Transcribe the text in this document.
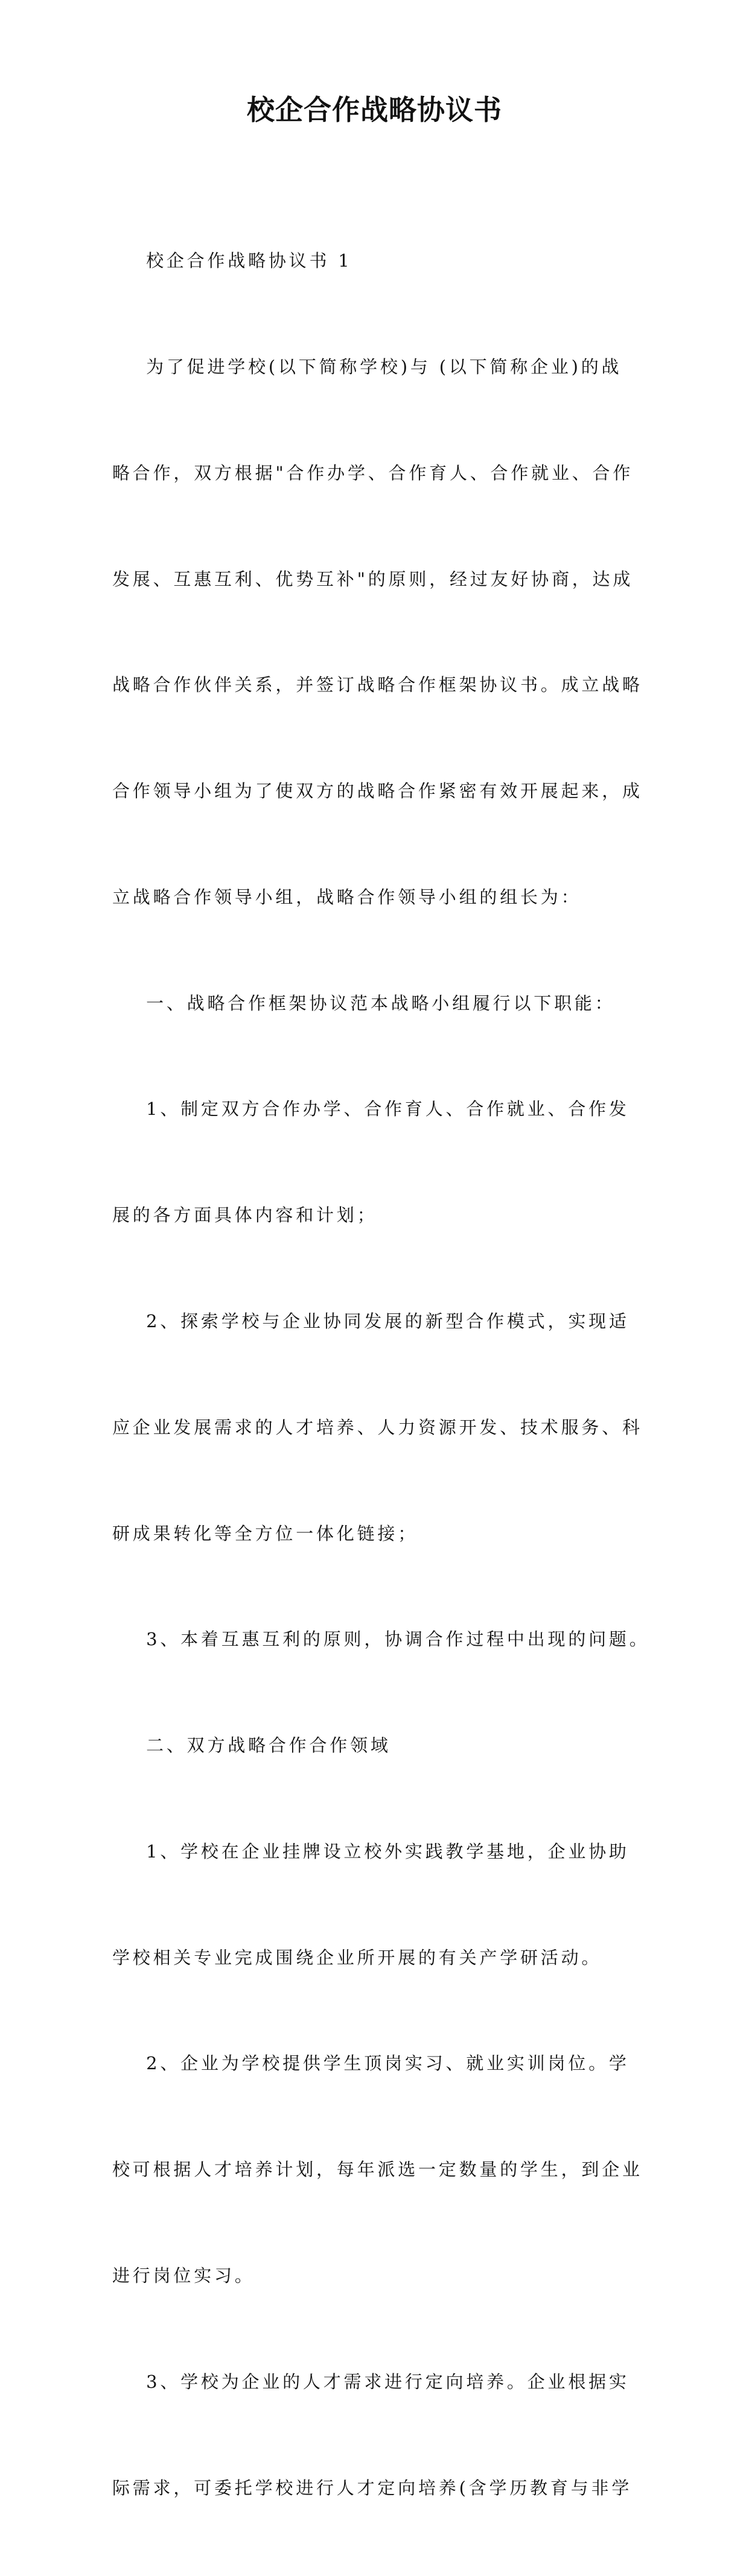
校企合作战略协议书

校企合作战略协议书 1

为了促进学校(以下简称学校)与 (以下简称企业)的战

略合作，双方根据"合作办学、合作育人、合作就业、合作

发展、互惠互利、优势互补"的原则，经过友好协商，达成

战略合作伙伴关系，并签订战略合作框架协议书。成立战略

合作领导小组为了使双方的战略合作紧密有效开展起来，成

立战略合作领导小组，战略合作领导小组的组长为：

一、战略合作框架协议范本战略小组履行以下职能：

1、制定双方合作办学、合作育人、合作就业、合作发

展的各方面具体内容和计划；

2、探索学校与企业协同发展的新型合作模式，实现适

应企业发展需求的人才培养、人力资源开发、技术服务、科

研成果转化等全方位一体化链接；

3、本着互惠互利的原则，协调合作过程中出现的问题。

二、双方战略合作合作领域

1、学校在企业挂牌设立校外实践教学基地，企业协助

学校相关专业完成围绕企业所开展的有关产学研活动。

2、企业为学校提供学生顶岗实习、就业实训岗位。学

校可根据人才培养计划，每年派选一定数量的学生，到企业

进行岗位实习。

3、学校为企业的人才需求进行定向培养。企业根据实

际需求，可委托学校进行人才定向培养(含学历教育与非学
